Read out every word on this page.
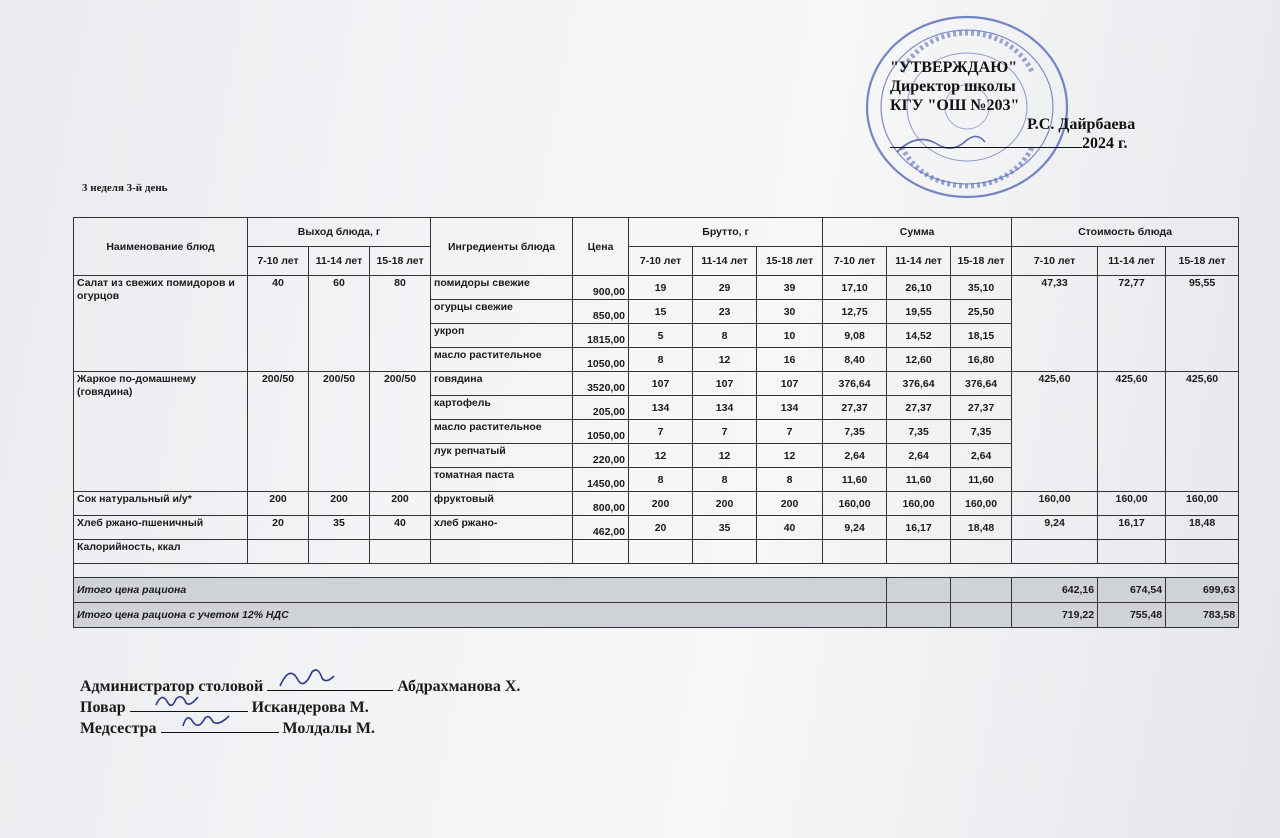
"УТВЕРЖДАЮ"
Директор школы
КГУ "ОШ №203"
Р.С. Дайрбаева
2024 г.
3 неделя 3-й день
Наименование блюд	Выход блюда, г			Ингредиенты блюда	Цена	Брутто, г			Сумма			Стоимость блюда		
	7-10 лет	11-14 лет	15-18 лет			7-10 лет	11-14 лет	15-18 лет	7-10 лет	11-14 лет	15-18 лет	7-10 лет	11-14 лет	15-18 лет
Салат из свежих помидоров и огурцов	40	60	80	помидоры свежие	900,00	19	29	39	17,10	26,10	35,10	47,33	72,77	95,55
				огурцы свежие	850,00	15	23	30	12,75	19,55	25,50			
				укроп	1815,00	5	8	10	9,08	14,52	18,15			
				масло растительное	1050,00	8	12	16	8,40	12,60	16,80			
Жаркое по-домашнему (говядина)	200/50	200/50	200/50	говядина	3520,00	107	107	107	376,64	376,64	376,64	425,60	425,60	425,60
				картофель	205,00	134	134	134	27,37	27,37	27,37			
				масло растительное	1050,00	7	7	7	7,35	7,35	7,35			
				лук репчатый	220,00	12	12	12	2,64	2,64	2,64			
				томатная паста	1450,00	8	8	8	11,60	11,60	11,60			
Сок натуральный и/у*	200	200	200	фруктовый	800,00	200	200	200	160,00	160,00	160,00	160,00	160,00	160,00
Хлеб ржано-пшеничный	20	35	40	хлеб ржано-	462,00	20	35	40	9,24	16,17	18,48	9,24	16,17	18,48
Калорийность, ккал														

Итого цена рациона												642,16	674,54	699,63
Итого цена рациона с учетом 12% НДС												719,22	755,48	783,58
Администратор столовой	Абдрахманова Х.
Повар	Искандерова М.
Медсестра	Молдалы М.
